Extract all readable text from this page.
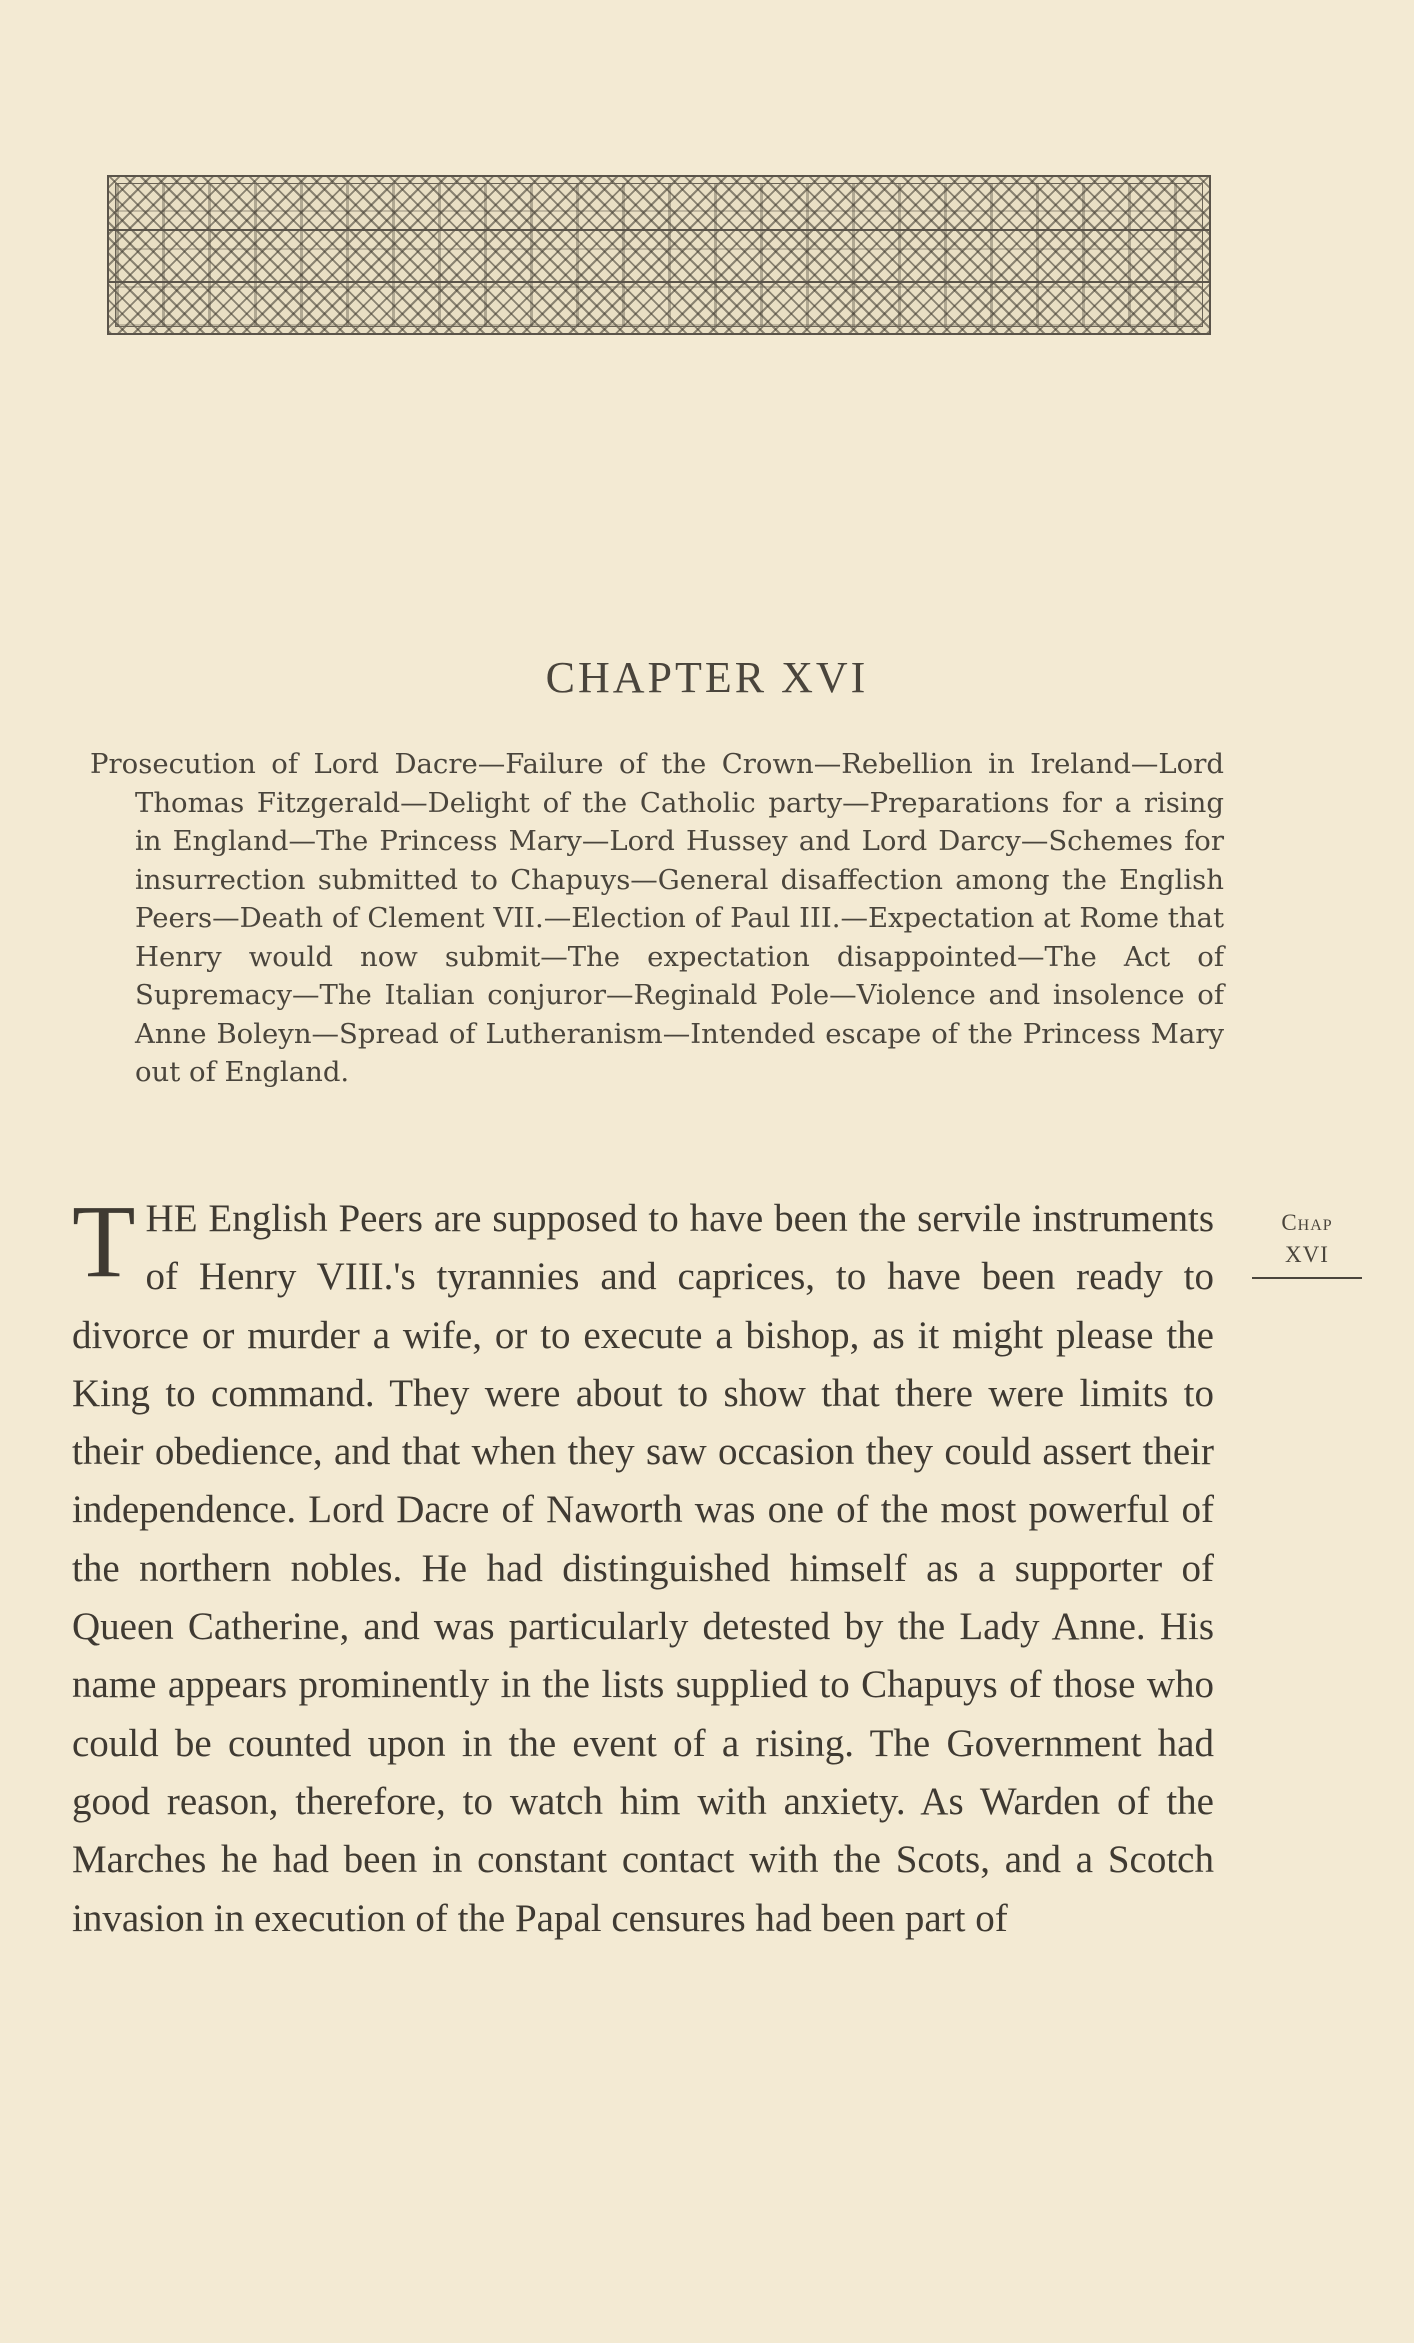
CHAPTER XVI

Prosecution of Lord Dacre—Failure of the Crown—Rebellion in Ireland—Lord Thomas Fitzgerald—Delight of the Catholic party—Preparations for a rising in England—The Princess Mary—Lord Hussey and Lord Darcy—Schemes for insurrection submitted to Chapuys—General disaffection among the English Peers—Death of Clement VII.—Election of Paul III.—Expectation at Rome that Henry would now submit—The expectation disappointed—The Act of Supremacy—The Italian conjuror—Reginald Pole—Violence and insolence of Anne Boleyn—Spread of Lutheranism—Intended escape of the Princess Mary out of England.

Chap
XVI

THE English Peers are supposed to have been the servile instruments of Henry VIII.'s tyrannies and caprices, to have been ready to divorce or murder a wife, or to execute a bishop, as it might please the King to command. They were about to show that there were limits to their obedience, and that when they saw occasion they could assert their independence. Lord Dacre of Naworth was one of the most powerful of the northern nobles. He had distinguished himself as a supporter of Queen Catherine, and was particularly detested by the Lady Anne. His name appears prominently in the lists supplied to Chapuys of those who could be counted upon in the event of a rising. The Government had good reason, therefore, to watch him with anxiety. As Warden of the Marches he had been in constant contact with the Scots, and a Scotch invasion in execution of the Papal censures had been part of
